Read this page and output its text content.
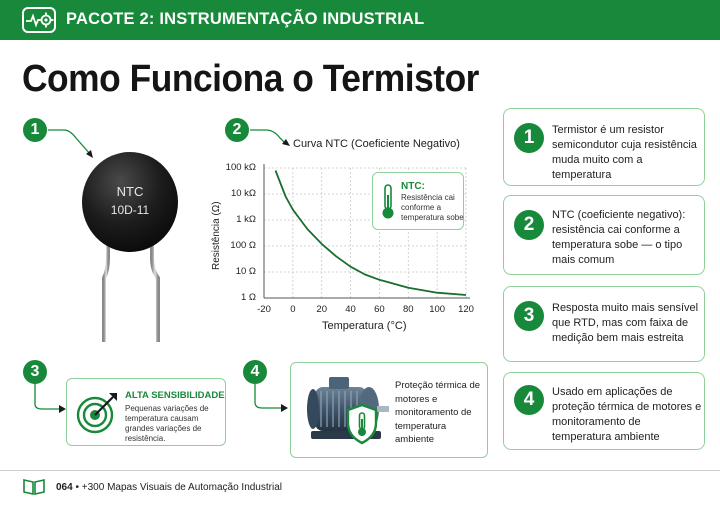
PACOTE 2: INSTRUMENTAÇÃO INDUSTRIAL
Como Funciona o Termistor
1
NTC
10D-11
2
Curva NTC (Coeficiente Negativo)
-20	0	20	40	60	80	100 120
100 kΩ
10 kΩ
1 kΩ
100 Ω
10 Ω
1 Ω
Resistência (Ω)
Temperatura (°C)
NTC:
Resistência cai conforme a temperatura sobe
3
ALTA SENSIBILIDADE
Pequenas variações de temperatura causam grandes variações de resistência.
4
Proteção térmica de motores e monitoramento de temperatura ambiente
1	Termistor é um resistor semicondutor cuja resistência muda muito com a temperatura
2	NTC (coeficiente negativo): resistência cai conforme a temperatura sobe — o tipo mais comum
3	Resposta muito mais sensível que RTD, mas com faixa de medição bem mais estreita
4	Usado em aplicações de proteção térmica de motores e monitoramento de temperatura ambiente
064 • +300 Mapas Visuais de Automação Industrial
